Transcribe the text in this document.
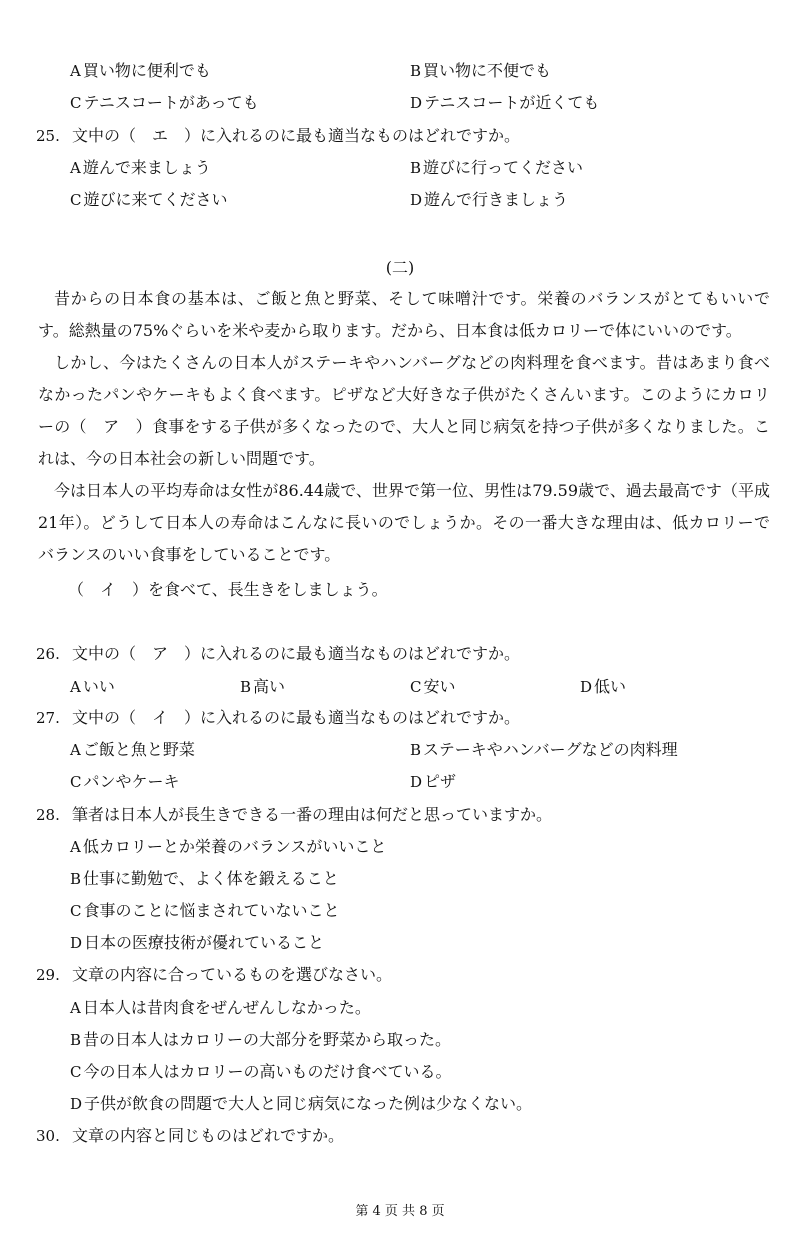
A 買い物に便利でも	B 買い物に不便でも
C テニスコートがあっても	D テニスコートが近くても
25. 文中の（　エ　）に入れるのに最も適当なものはどれですか。
A 遊んで来ましょう	B 遊びに行ってください
C 遊びに来てください	D 遊んで行きましょう
(二)

昔からの日本食の基本は、ご飯と魚と野菜、そして味噌汁です。栄養のバランスがとてもいいです。総熱量の75%ぐらいを米や麦から取ります。だから、日本食は低カロリーで体にいいのです。

しかし、今はたくさんの日本人がステーキやハンバーグなどの肉料理を食べます。昔はあまり食べなかったパンやケーキもよく食べます。ピザなど大好きな子供がたくさんいます。このようにカロリーの（　ア　）食事をする子供が多くなったので、大人と同じ病気を持つ子供が多くなりました。これは、今の日本社会の新しい問題です。

今は日本人の平均寿命は女性が86.44歳で、世界で第一位、男性は79.59歳で、過去最高です（平成21年）。どうして日本人の寿命はこんなに長いのでしょうか。その一番大きな理由は、低カロリーでバランスのいい食事をしていることです。

（　イ　）を食べて、長生きをしましょう。
26. 文中の（　ア　）に入れるのに最も適当なものはどれですか。
A いい	B 高い	C 安い	D 低い
27. 文中の（　イ　）に入れるのに最も適当なものはどれですか。
A ご飯と魚と野菜	B ステーキやハンバーグなどの肉料理
C パンやケーキ	D ピザ
28. 筆者は日本人が長生きできる一番の理由は何だと思っていますか。
A 低カロリーとか栄養のバランスがいいこと
B 仕事に勤勉で、よく体を鍛えること
C 食事のことに悩まされていないこと
D 日本の医療技術が優れていること
29. 文章の内容に合っているものを選びなさい。
A 日本人は昔肉食をぜんぜんしなかった。
B 昔の日本人はカロリーの大部分を野菜から取った。
C 今の日本人はカロリーの高いものだけ食べている。
D 子供が飲食の問題で大人と同じ病気になった例は少なくない。
30. 文章の内容と同じものはどれですか。
第 4 页 共 8 页
